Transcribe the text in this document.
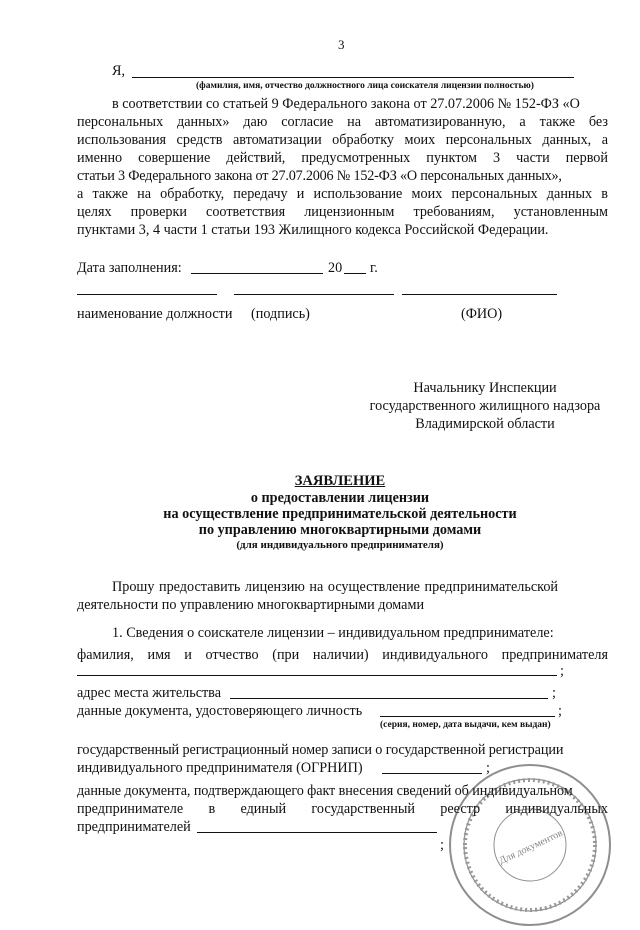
3
Я,
(фамилия, имя, отчество должностного лица соискателя лицензии полностью)
в соответствии со статьей 9 Федерального закона от 27.07.2006 № 152-ФЗ «О
персональных данных» даю согласие на автоматизированную, а также без
использования средств автоматизации обработку моих персональных данных, а
именно совершение действий, предусмотренных пунктом 3 части первой
статьи 3 Федерального закона от 27.07.2006 № 152-ФЗ «О персональных данных»,
а также на обработку, передачу и использование моих персональных данных в
целях проверки соответствия лицензионным требованиям, установленным
пунктами 3, 4 части 1 статьи 193 Жилищного кодекса Российской Федерации.
Дата заполнения:	20 г.
наименование должности (подпись)	(ФИО)
Начальнику Инспекции
государственного жилищного надзора
Владимирской области
ЗАЯВЛЕНИЕ
о предоставлении лицензии
на осуществление предпринимательской деятельности
по управлению многоквартирными домами
(для индивидуального предпринимателя)
Прошу предоставить лицензию на осуществление предпринимательской
деятельности по управлению многоквартирными домами
1. Сведения о соискателе лицензии – индивидуальном предпринимателе:
фамилия, имя и отчество (при наличии) индивидуального предпринимателя
;
адрес места жительства	;
данные документа, удостоверяющего личность	;
(серия, номер, дата выдачи, кем выдан)
государственный регистрационный номер записи о государственной регистрации
индивидуального предпринимателя (ОГРНИП)	;
данные документа, подтверждающего факт внесения сведений об индивидуальном
предпринимателе в единый государственный реестр индивидуальных
предпринимателей
;	Для документов
